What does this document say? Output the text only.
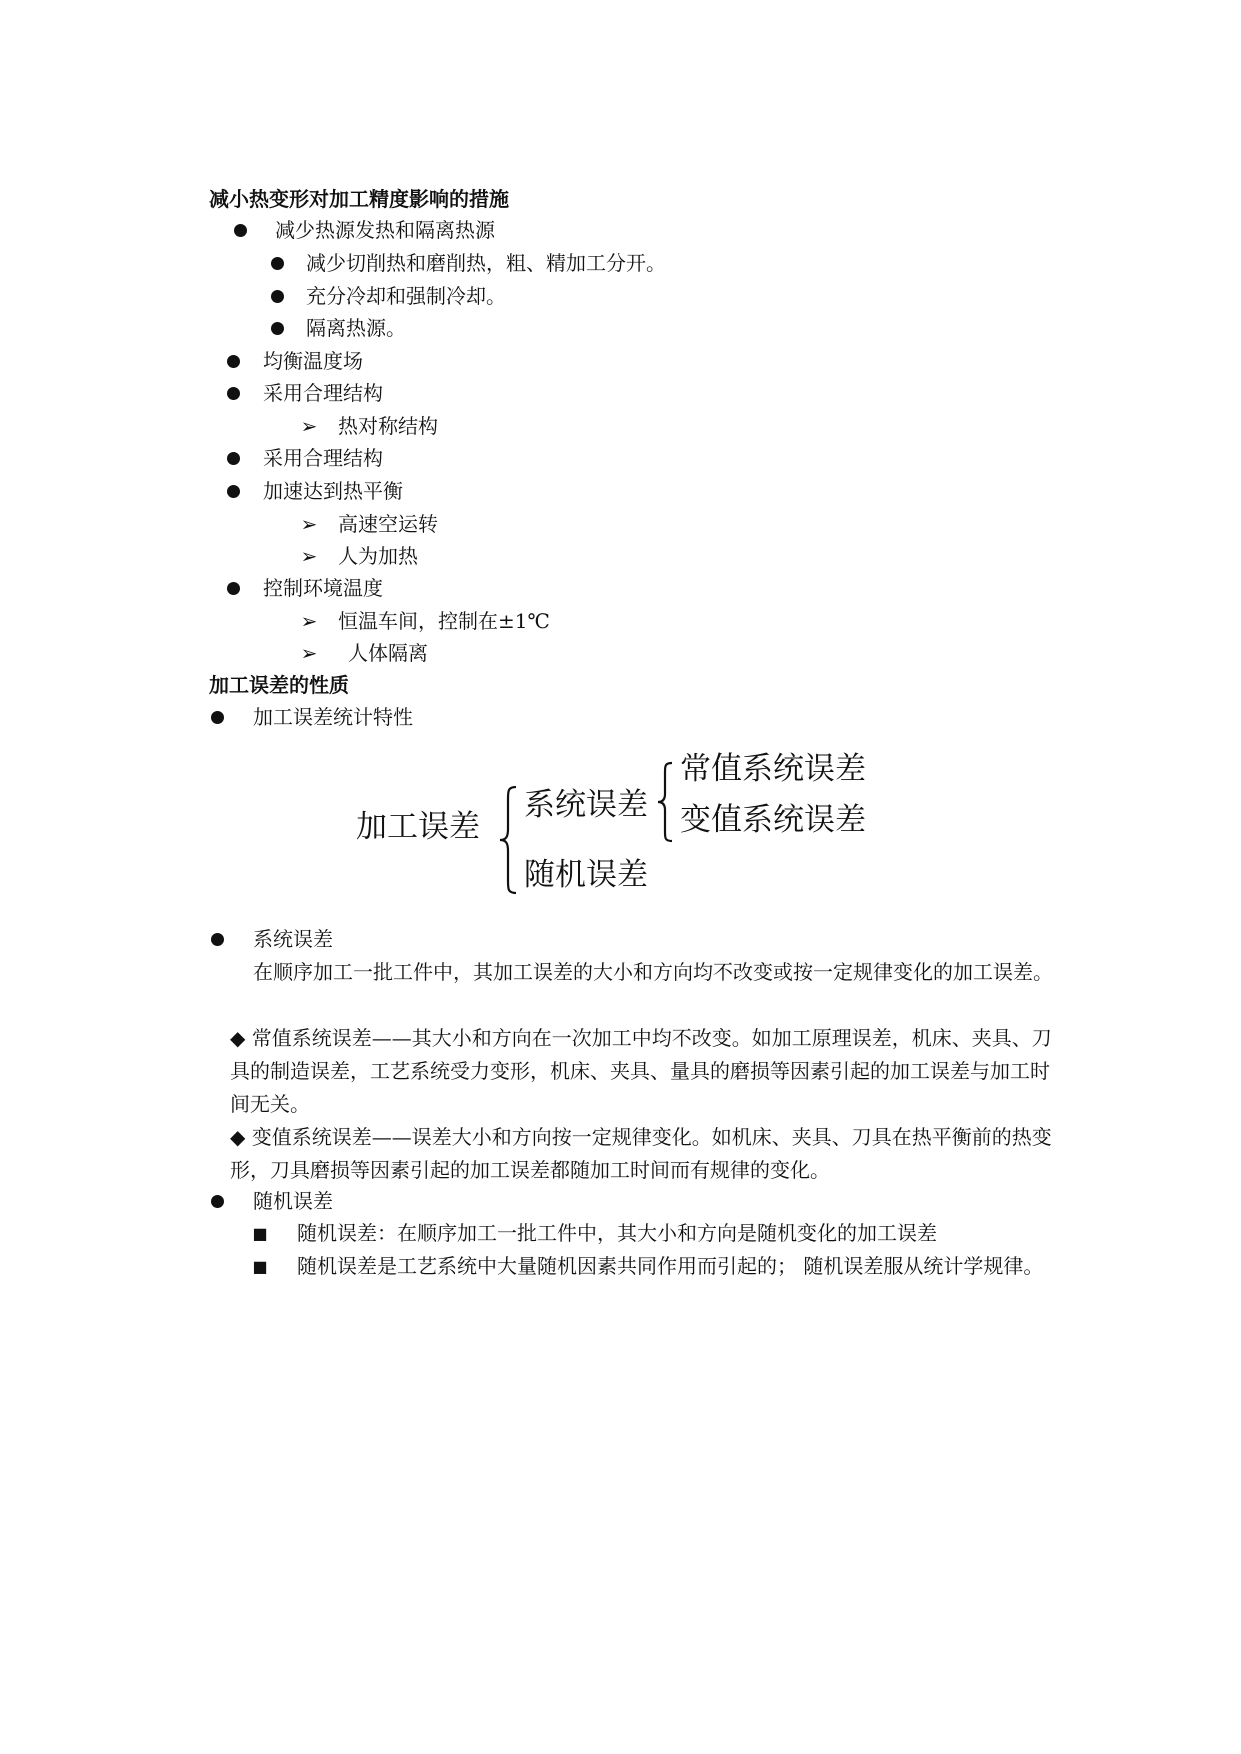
减小热变形对加工精度影响的措施
减少热源发热和隔离热源
减少切削热和磨削热，粗、精加工分开。
充分冷却和强制冷却。
隔离热源。
均衡温度场
采用合理结构
➢ 热对称结构
采用合理结构
加速达到热平衡
➢ 高速空运转
➢ 人为加热
控制环境温度
➢ 恒温车间，控制在±1℃
➢ 人体隔离
加工误差的性质
加工误差统计特性
加工误差
系统误差
随机误差
常值系统误差
变值系统误差
系统误差
在顺序加工一批工件中，其加工误差的大小和方向均不改变或按一定规律变化的加工误差。
◆ 常值系统误差——其大小和方向在一次加工中均不改变。如加工原理误差，机床、夹具、刀具的制造误差，工艺系统受力变形，机床、夹具、量具的磨损等因素引起的加工误差与加工时间无关。
◆ 变值系统误差——误差大小和方向按一定规律变化。如机床、夹具、刀具在热平衡前的热变形，刀具磨损等因素引起的加工误差都随加工时间而有规律的变化。
随机误差
■ 随机误差：在顺序加工一批工件中，其大小和方向是随机变化的加工误差
■ 随机误差是工艺系统中大量随机因素共同作用而引起的； 随机误差服从统计学规律。
